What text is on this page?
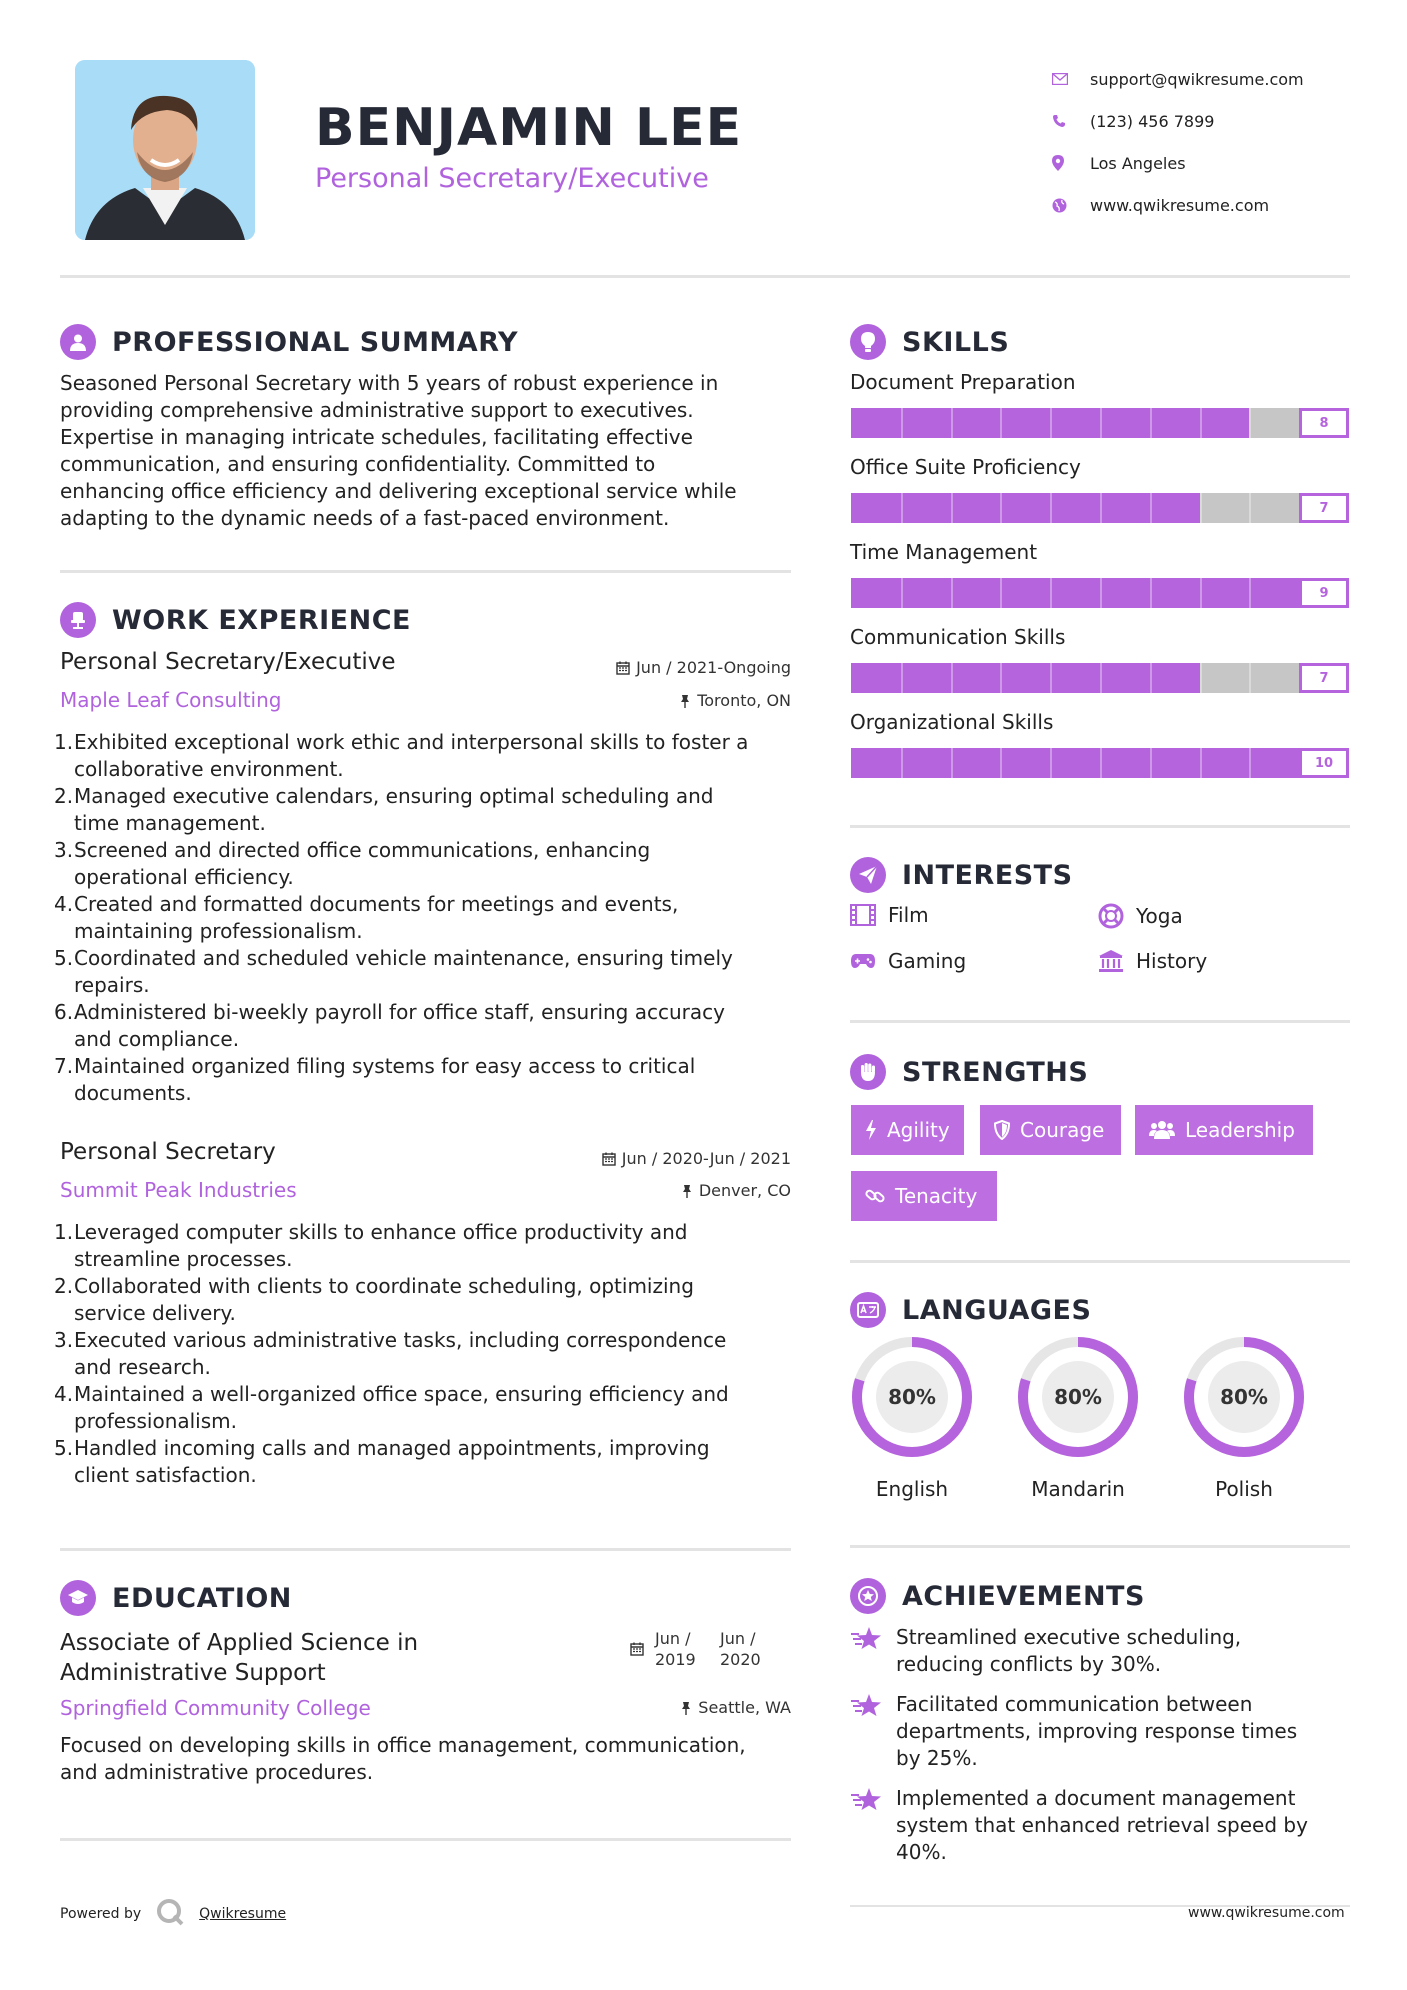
BENJAMIN LEE
Personal Secretary/Executive
support@qwikresume.com
(123) 456 7899
Los Angeles
www.qwikresume.com
PROFESSIONAL SUMMARY
Seasoned Personal Secretary with 5 years of robust experience in
providing comprehensive administrative support to executives.
Expertise in managing intricate schedules, facilitating effective
communication, and ensuring confidentiality. Committed to
enhancing office efficiency and delivering exceptional service while
adapting to the dynamic needs of a fast-paced environment.
WORK EXPERIENCE
Personal Secretary/Executive	Jun / 2021-Ongoing
Maple Leaf Consulting	Toronto, ON
1. Exhibited exceptional work ethic and interpersonal skills to foster a
collaborative environment.
2. Managed executive calendars, ensuring optimal scheduling and
time management.
3. Screened and directed office communications, enhancing
operational efficiency.
4. Created and formatted documents for meetings and events,
maintaining professionalism.
5. Coordinated and scheduled vehicle maintenance, ensuring timely
repairs.
6. Administered bi-weekly payroll for office staff, ensuring accuracy
and compliance.
7. Maintained organized filing systems for easy access to critical
documents.
Personal Secretary	Jun / 2020-Jun / 2021
Summit Peak Industries	Denver, CO
1. Leveraged computer skills to enhance office productivity and
streamline processes.
2. Collaborated with clients to coordinate scheduling, optimizing
service delivery.
3. Executed various administrative tasks, including correspondence
and research.
4. Maintained a well-organized office space, ensuring efficiency and
professionalism.
5. Handled incoming calls and managed appointments, improving
client satisfaction.
EDUCATION
Associate of Applied Science in
Administrative Support
Jun /
2019
Jun /
2020
Springfield Community College	Seattle, WA
Focused on developing skills in office management, communication,
and administrative procedures.
SKILLS
Document Preparation
8
Office Suite Proficiency
7
Time Management
9
Communication Skills
7
Organizational Skills
10
INTERESTS
Film	Yoga
Gaming	History
STRENGTHS
Agility	Courage	Leadership
Tenacity
LANGUAGES
80%
English
80%
Mandarin
80%
Polish
ACHIEVEMENTS
Streamlined executive scheduling,
reducing conflicts by 30%.
Facilitated communication between
departments, improving response times
by 25%.
Implemented a document management
system that enhanced retrieval speed by
40%.
Powered by	Qwikresume	www.qwikresume.com
